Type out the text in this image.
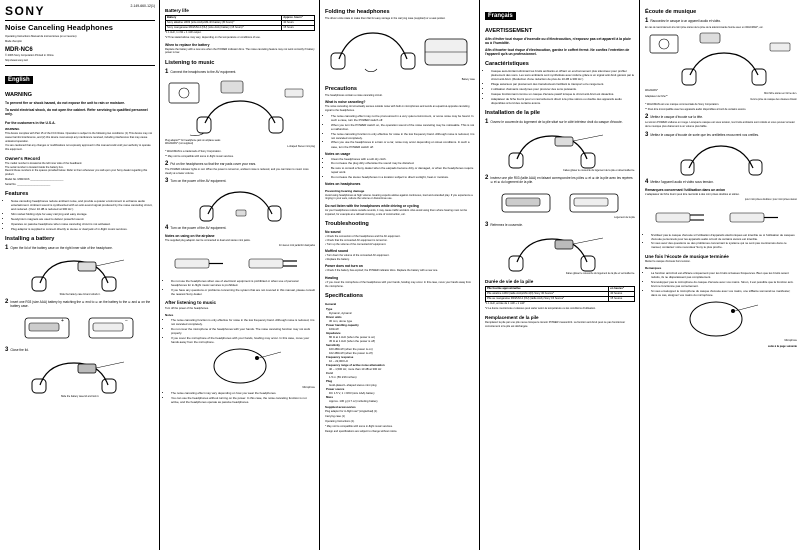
SONY	2-149-660-12(1)
Noise Canceling Headphones
Operating Instructions Manual de instrucciones (en el reverso)
Mode d'emploi
MDR-NC6
© 2006 Sony Corporation Printed in China
http://www.sony.net/
English
WARNING
To prevent fire or shock hazard, do not expose the unit to rain or moisture.
To avoid electrical shock, do not open the cabinet. Refer servicing to qualified personnel only.
For the customers in the U.S.A.
WARNING
This device complies with Part 15 of the FCC Rules. Operation is subject to the following two conditions: (1) This device may not cause harmful interference, and (2) this device must accept any interference received, including interference that may cause undesired operation.
You are cautioned that any changes or modifications not expressly approved in this manual could void your authority to operate this equipment.
Owner's Record
The model number is located at the left inner side of the headband.
The serial number is located inside the battery box.
Record these numbers in the spaces provided below. Refer to them whenever you call upon your Sony dealer regarding this product.
Model No. MDR-NC6 _______________________
Serial No. _______________________
Features
• Noise canceling headphones reduce ambient noise, and provide a quieter environment to enhance audio entertainment. Ambient sound is synthesized with an anti-sound signal produced by the noise canceling circuit, and reduced. (Over 10 dB is reduced at 300 Hz.)
• Slim swivel folding style for easy carrying and easy storage.
• Neodymium magnets are used to deliver powerful sound.
• Operates on passive headphone when noise canceling circuit is not activated.
• Plug adaptor is supplied to connect directly to stereo or dual jack of in-flight music services.
Installing a battery
1 Open the lid of the battery case on the right inner side of the headphone.
Slide the battery case lid and unlock it.
2 Insert one R03 (size AAA) battery by matching the ⊖ end to ⊖ on the battery to the ⊖ and ⊕ on the battery case.
+	−
3 Close the lid.
Slide the battery case lid and lock it.
Battery life
Battery	Approx. hours*
Sony alkaline LR03 (size AAA)/AM-4N battery (B hours)*	40 hours
Sony manganese R03/UM-4 (NU) (size AAA) battery (15 hours)*	15 hours
*1 1 kHz, 1 mW + 1 mW output.
*2 Time stated above may vary, depending on the temperature or conditions of use.
When to replace the battery
Replace the battery with a new one when the POWER indicator dims. The noise canceling feature may not work correctly if battery power is low.
Listening to music
1 Connect the headphones to the AV equipment.
Plug adaptor** for headphone jack on airplane seats
WALKMAN* (not supplied)
L-shaped Stereo mini plug
* WALKMAN is a trademark of Sony Corporation.
** May not be compatible with some in-flight music services.
2 Put on the headphones so that the ear pads cover your ears.
The POWER indicator lights in red. When the power is turned on, ambient noise is reduced, and you can listen to music more clearly at a lower volume.
3 Turn on the power of the AV equipment.
4 Turn on the power of the AV equipment.
Notes on using on the airplane
The supplied plug adaptor can be connected to dual and stereo mini jacks.
for stereo mini jacks/for dual jacks
• Do not use the headphones when use of electronic equipment is prohibited or when use of personal headphones for in-flight music services is prohibited.
• If you have any questions or problems concerning the system that are not covered in this manual, please consult the nearest Sony dealer.
After listening to music
Turn off the power of the headphones.
Notes
• The noise canceling function is only effective for noise in the low frequency band. Although noise is reduced, it is not canceled completely.
• Do not cover the microphone of the headphones with your hands. The noise canceling function may not work properly.
• If you cover the microphone of the headphones with your hands, howling may occur. In this case, move your hands away from the microphone.
Microphone
• The noise canceling effect may vary depending on how you wear the headphones.
• You can use the headphones without turning on the power. In this case, the noise canceling function is not active, and the headphones operate as passive headphones.
Folding the headphones
The driver units rotate to make them flat for easy storage in the carrying case (supplied) or a seat pocket.
Battery case
Precautions
The headphones contain a noise canceling circuit.
What is noise canceling?
The noise canceling circuit actually senses outside noise with built-in microphones and sends an equal-but-opposite canceling signal to the headphones.
• The noise canceling effect may not be pronounced in a very quiet environment, or some noise may be heard. In such a case, turn the POWER switch off.
• When you turn the POWER switch on, the operation sound of the noise canceling may be noticeable. This is not a malfunction.
• The noise canceling function is only effective for noise in the low frequency band. Although noise is reduced, it is not canceled completely.
• When you use the headphones in a train or a car, noise may occur depending on street conditions. In such a case, turn the POWER switch off.
Notes on usage
• Clean the headphones with a soft dry cloth.
• Do not leave the plug dirty otherwise the sound may be distorted.
• Be sure to consult a Sony dealer when the earpads become dirty or damaged, or when the headphones require repair work.
• Do not leave the stereo headphones in a location subject to direct sunlight, heat or moisture.
Notes on headphones
Preventing hearing damage
Avoid using headphones at high volume. Hearing experts advise against continuous, loud and extended play. If you experience a ringing in your ears, reduce the volume or discontinue use.
Do not listen with the headphones while driving or cycling
As your headphones reduce outside sounds, it may cause traffic accident. Also avoid using them where hearing must not be impaired, for example at a railroad crossing, a site of construction, etc.
Troubleshooting
No sound
• Check the connection of the headphones and the AV equipment.
• Check that the connected AV equipment is turned on.
• Turn up the volume of the connected AV equipment.
Muffled sound
• Turn down the volume of the connected AV equipment.
• Replace the battery.
Power does not turn on
• Check if the battery has expired; the POWER indicator dims. Replace the battery with a new one.
Howling
• If you cover the microphone of the headphones with your hands, howling may occur. In this case, move your hands away from the microphone.
Specifications
General
Type
Dynamic, dynamic
Driver units
30 mm, dome type
Power handling capacity
100mW
Impedance
80 Ω at 1 kHz (when the power is on)
45 Ω at 1 kHz (when the power is off)
Sensitivity
100 dB/mW (when the power is on)
102 dB/mW (when the power is off)
Frequency response
10 – 22,000 Hz
Frequency range of active noise attenuation
40 – 1,500 Hz, more than 10 dB at 300 Hz
Cord
1.5 m (59 1⁄16 inches)
Plug
Gold-plated L-shaped stereo mini plug
Power source
DC 1.5 V, 1 × R03 (size AAA) battery
Mass
Approx. 130 g (4.7 oz) including battery
Supplied accessories
Plug adaptor for in-flight use* (single/dual) (1)
Carrying case (1)
Operating Instructions (1)
* May not be compatible with some in-flight music services.
Design and specifications are subject to change without notice.
Français
AVERTISSEMENT
Afin d'éviter tout risque d'incendie ou d'électrocution, n'exposez pas cet appareil à la pluie ou à l'humidité.
Afin d'écarter tout risque d'électrocution, gardez le coffret fermé. Ne confiez l'entretien de l'appareil qu'à un professionnel.
Caractéristiques
• Casque auto-limitant éliminant les bruits ambiants et offrant un environnement plus silencieux pour profiter pleinement des sons. Les sons ambiants sont synthétisés avec réduire grâce à un signal anti-bruit généré par le circuit anti-bruit. (Réduction d'une réduction de plus de 10 dB à 300 Hz.)
• Pliage astucieux par pivotement des transducteurs facilitant le transport et le rangement.
• L'utilisation d'aimants néodymes pour procurer des sons puissants.
• Casque fonctionnant comme un casque d'écoute passif lorsque le circuit anti-bruit est désactivé.
• Adaptateur de fiche fourni pour un raccordement direct à la prise stéréo ou double des appareils audio disponibles à bord des certains avions.
Installation de la pile
1 Ouvrez le couvercle du logement de la pile situé sur le côté intérieur droit du casque d'écoute.
Faites glisser le couvercle du logement de la pile et déverrouillez-le.
2 Insérez une pile R03 (taille AAA) en faisant correspondre les pôles ⊖ et ⊕ de la pile avec les repères ⊖ et ⊕ du logement de la pile.
Logement de la pile
3 Refermez le couvercle.
Faites glisser le couvercle du logement de la pile et verrouillez-le.
Durée de vie de la pile
Pile fournie approximative	en heures*
Pile alcaline LR03 (taille AAA)/AM-4(N) Sony 30 heures*	40 heures
Pile au manganèse R03/UM-4 (NU) (taille AAA) Sony 15 heures*	15 heures
*1 1 kHz, entrée de 1 mW + 1 mW
*2 La durée mentionnée ci-dessus peut varier selon la température ou les conditions d'utilisation.
Remplacement de la pile
Remplacez la pile par une pile neuve lorsque le témoin POWER s'assombrit. La fonction anti-bruit peut ne pas fonctionner correctement si la pile est déchargée.
Écoute de musique
1 Raccordez le casque à un appareil audio et vidéo.
En cas de raccordement à la mini prise stéréo de la prise de la télécommande fournie avec un WALKMAN*, etc.
WALKMAN*
Mini fiche stéréo en forme de L
Adaptateur de fiche**
Vers la prise de casque des vitesses d'avion
* WALKMAN est une marque commerciale de Sony Corporation.
** Peut être incompatible avec les appareils audio disponibles à bord de certains avions.
2 Mettez le casque d'écoute sur la tête.
Le témoin POWER s'allume en rouge. Lorsque le casque est sous tension, les bruits ambiants sont réduits et vous pouvez écouter de la musique plus clairement à un volume plus faible.
3 Mettez le casque d'écoute de sorte que les oreillettes recouvrent vos oreilles.
4 Mettez l'appareil audio et vidéo sous tension.
Remarques concernant l'utilisation dans un avion
L'adaptateur de fiche fourni peut être raccordé à des mini prises doubles et stéréo.
pour mini prises doubles / pour mini prises stéréo
• N'utilisez pas le casque d'écoute si l'utilisation d'appareils électroniques est interdite ou si l'utilisation de casques d'écoute personnels pour les appareils audio à bord de certains avions est interdite.
• Si vous avez des questions ou des problèmes concernant le système qui ne sont pas mentionnés dans ce manuel, contactez votre revendeur Sony le plus proche.
Une fois l'écoute de musique terminée
Mettez le casque d'écoute hors tension.
Remarques
• La fonction anti-bruit est efficace uniquement pour les bruits à basses fréquences. Bien que les bruits soient réduits, ils ne disparaissent pas complètement.
• N'enveloppez pas le microphone du casque d'écoute avec vos mains. Sinon, il est possible que la fonction anti-bruit ne fonctionne pas correctement.
• Si vous enveloppez le microphone du casque d'écoute avec vos mains, une sifflante sonnerait se manifester; dans ce cas, éloignez vos mains du microphone.
Microphone
suite à la page suivante
